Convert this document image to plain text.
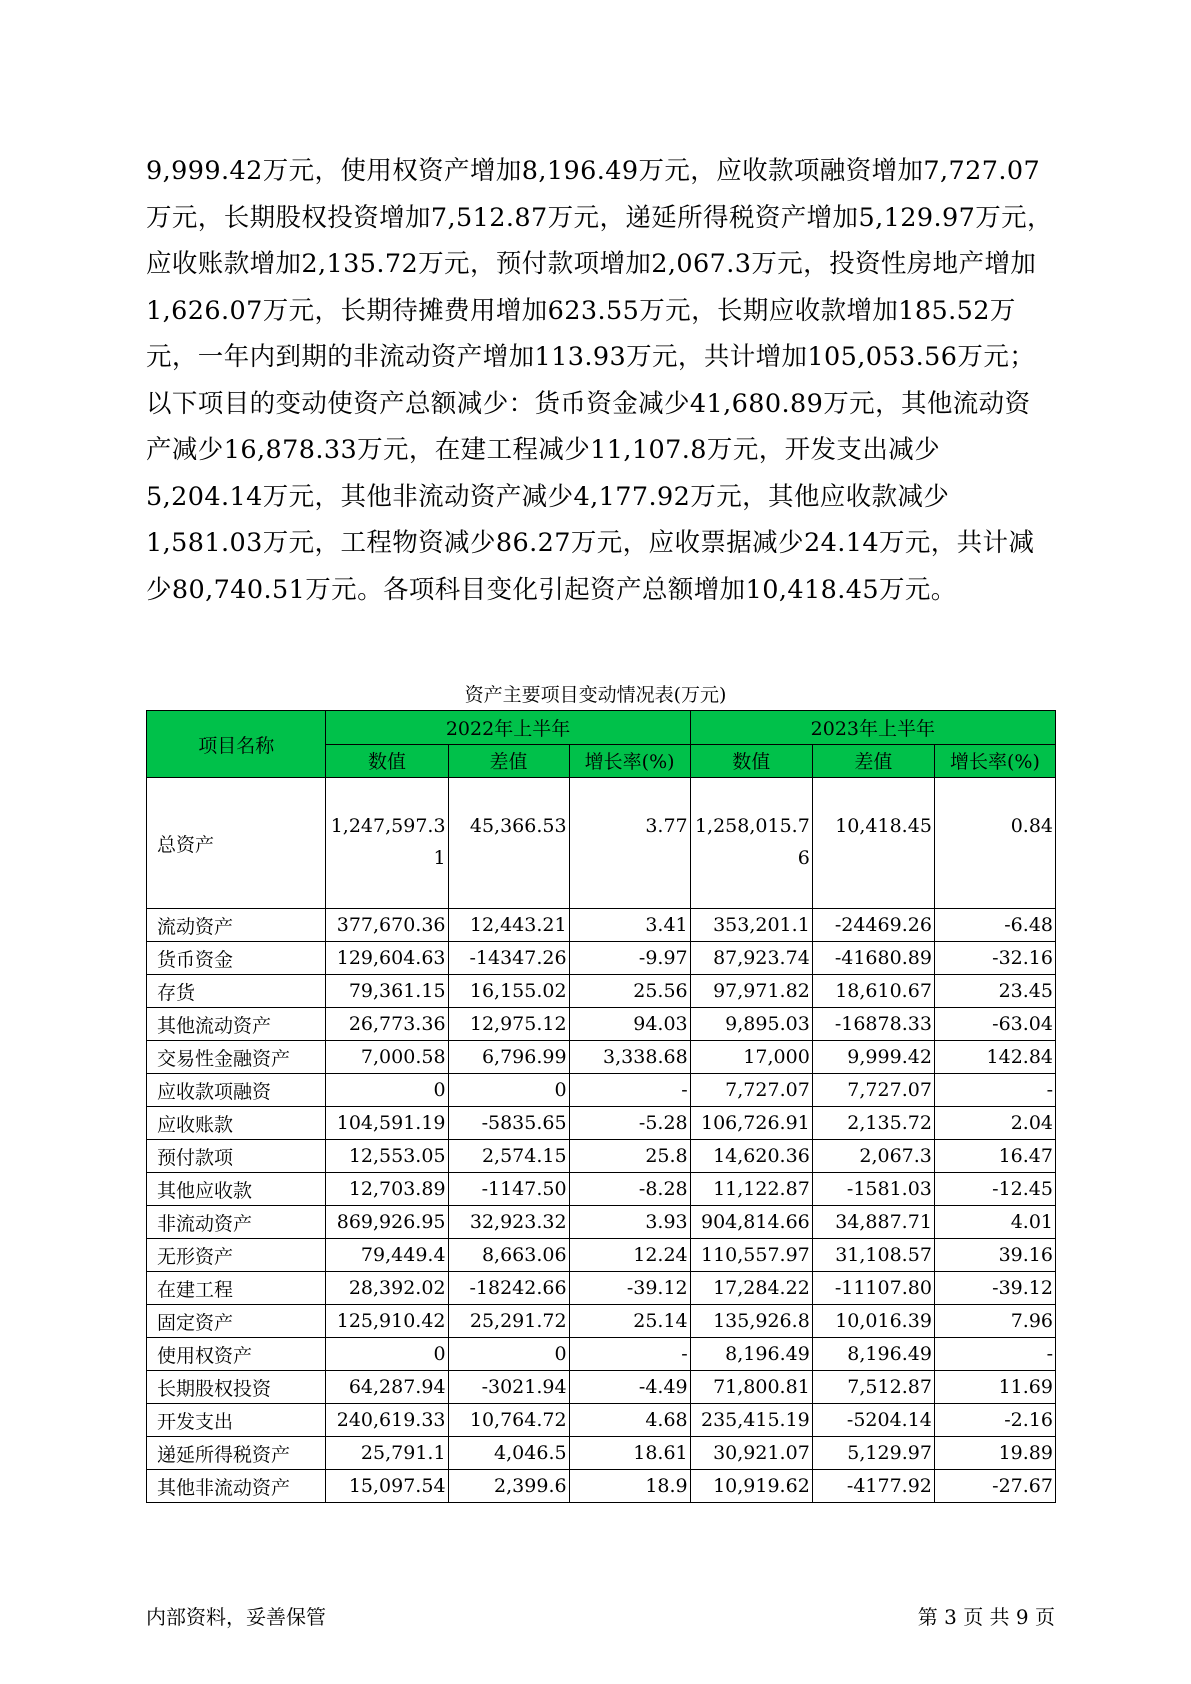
9,999.42万元，使用权资产增加8,196.49万元，应收款项融资增加7,727.07万元，长期股权投资增加7,512.87万元，递延所得税资产增加5,129.97万元，应收账款增加2,135.72万元，预付款项增加2,067.3万元，投资性房地产增加1,626.07万元，长期待摊费用增加623.55万元，长期应收款增加185.52万元，一年内到期的非流动资产增加113.93万元，共计增加105,053.56万元；以下项目的变动使资产总额减少：货币资金减少41,680.89万元，其他流动资产减少16,878.33万元，在建工程减少11,107.8万元，开发支出减少5,204.14万元，其他非流动资产减少4,177.92万元，其他应收款减少1,581.03万元，工程物资减少86.27万元，应收票据减少24.14万元，共计减少80,740.51万元。各项科目变化引起资产总额增加10,418.45万元。

资产主要项目变动情况表(万元)

项目名称	2022年上半年			2023年上半年		
	数值	差值	增长率(%)	数值	差值	增长率(%)
总资产	1,247,597.31	45,366.53	3.77	1,258,015.76	10,418.45	0.84
流动资产	377,670.36	12,443.21	3.41	353,201.1	-24469.26	-6.48
货币资金	129,604.63	-14347.26	-9.97	87,923.74	-41680.89	-32.16
存货	79,361.15	16,155.02	25.56	97,971.82	18,610.67	23.45
其他流动资产	26,773.36	12,975.12	94.03	9,895.03	-16878.33	-63.04
交易性金融资产	7,000.58	6,796.99	3,338.68	17,000	9,999.42	142.84
应收款项融资	0	0	-	7,727.07	7,727.07	-
应收账款	104,591.19	-5835.65	-5.28	106,726.91	2,135.72	2.04
预付款项	12,553.05	2,574.15	25.8	14,620.36	2,067.3	16.47
其他应收款	12,703.89	-1147.50	-8.28	11,122.87	-1581.03	-12.45
非流动资产	869,926.95	32,923.32	3.93	904,814.66	34,887.71	4.01
无形资产	79,449.4	8,663.06	12.24	110,557.97	31,108.57	39.16
在建工程	28,392.02	-18242.66	-39.12	17,284.22	-11107.80	-39.12
固定资产	125,910.42	25,291.72	25.14	135,926.8	10,016.39	7.96
使用权资产	0	0	-	8,196.49	8,196.49	-
长期股权投资	64,287.94	-3021.94	-4.49	71,800.81	7,512.87	11.69
开发支出	240,619.33	10,764.72	4.68	235,415.19	-5204.14	-2.16
递延所得税资产	25,791.1	4,046.5	18.61	30,921.07	5,129.97	19.89
其他非流动资产	15,097.54	2,399.6	18.9	10,919.62	-4177.92	-27.67

内部资料，妥善保管	第 3 页 共 9 页
